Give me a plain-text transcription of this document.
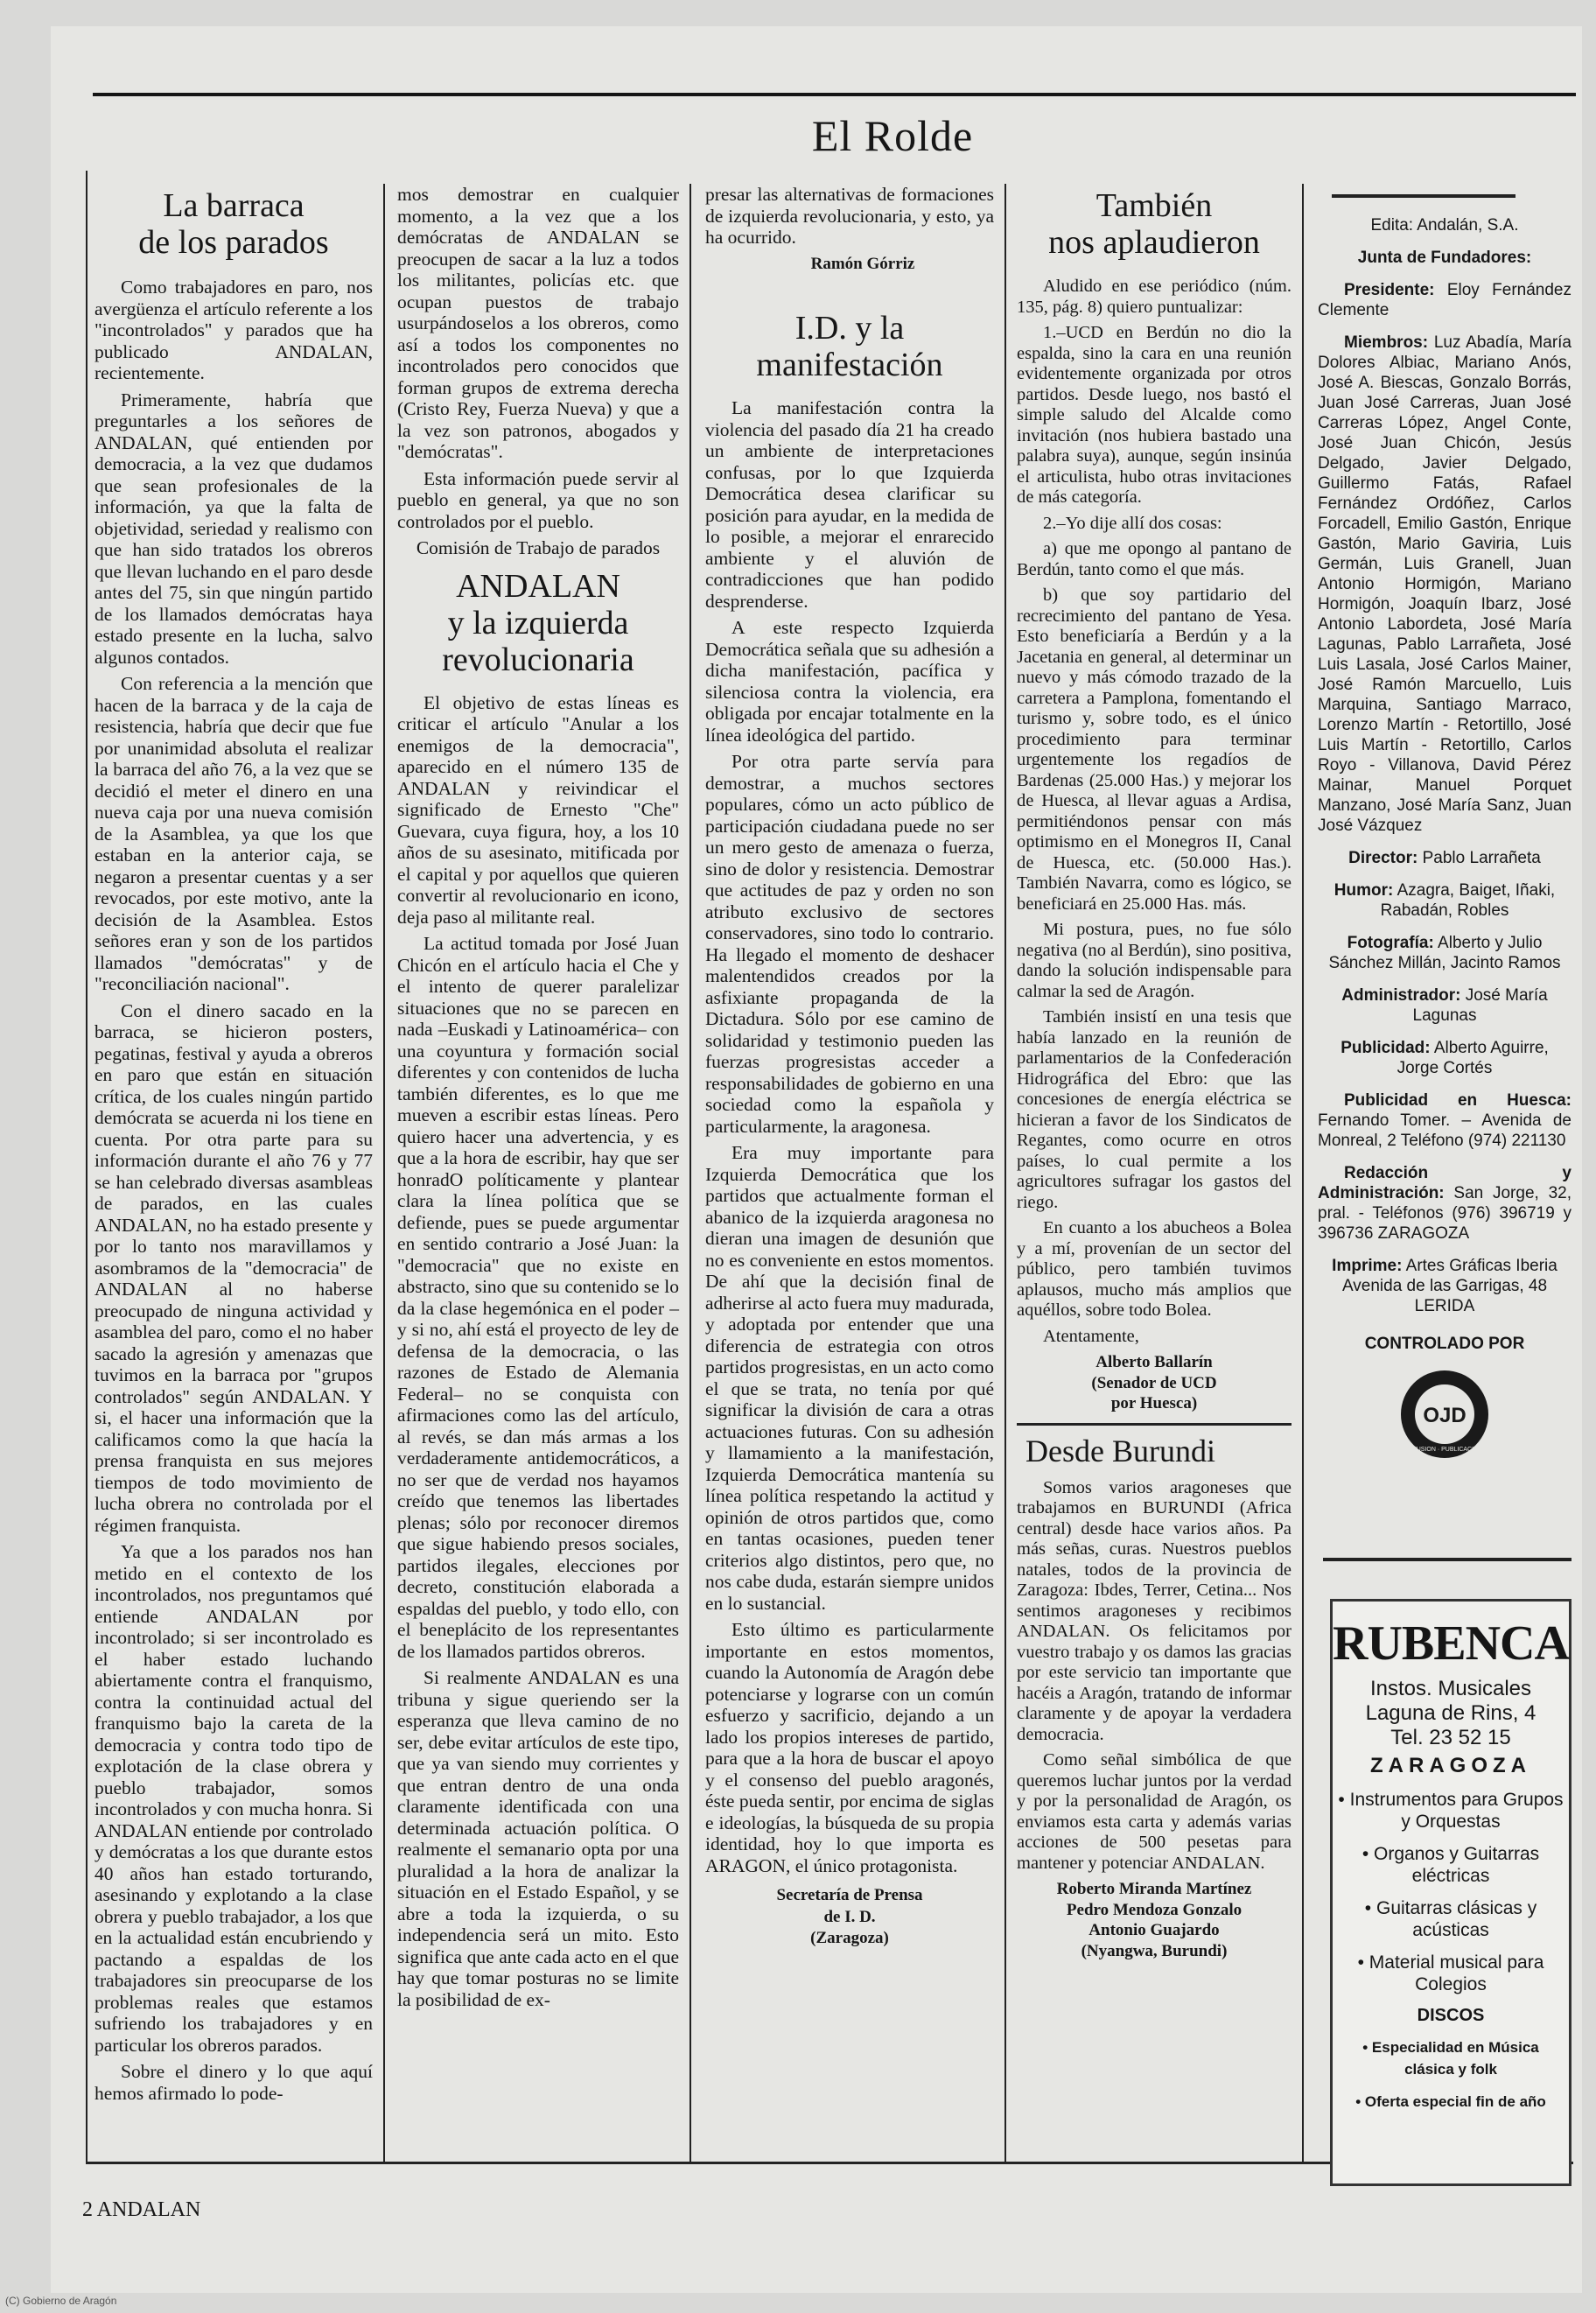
El Rolde
La barraca
de los parados

Como trabajadores en paro, nos avergüenza el artículo referente a los "incontrolados" y parados que ha publicado ANDALAN, recientemente.

Primeramente, habría que preguntarles a los señores de ANDALAN, qué entienden por democracia, a la vez que dudamos que sean profesionales de la información, ya que la falta de objetividad, seriedad y realismo con que han sido tratados los obreros que llevan luchando en el paro desde antes del 75, sin que ningún partido de los llamados demócratas haya estado presente en la lucha, salvo algunos contados.

Con referencia a la mención que hacen de la barraca y de la caja de resistencia, habría que decir que fue por unanimidad absoluta el realizar la barraca del año 76, a la vez que se decidió el meter el dinero en una nueva caja por una nueva comisión de la Asamblea, ya que los que estaban en la anterior caja, se negaron a presentar cuentas y a ser revocados, por este motivo, ante la decisión de la Asamblea. Estos señores eran y son de los partidos llamados "demócratas" y de "reconciliación nacional".

Con el dinero sacado en la barraca, se hicieron posters, pegatinas, festival y ayuda a obreros en paro que están en situación crítica, de los cuales ningún partido demócrata se acuerda ni los tiene en cuenta. Por otra parte para su información durante el año 76 y 77 se han celebrado diversas asambleas de parados, en las cuales ANDALAN, no ha estado presente y por lo tanto nos maravillamos y asombramos de la "democracia" de ANDALAN al no haberse preocupado de ninguna actividad y asamblea del paro, como el no haber sacado la agresión y amenazas que tuvimos en la barraca por "grupos controlados" según ANDALAN. Y si, el hacer una información que la calificamos como la que hacía la prensa franquista en sus mejores tiempos de todo movimiento de lucha obrera no controlada por el régimen franquista.

Ya que a los parados nos han metido en el contexto de los incontrolados, nos preguntamos qué entiende ANDALAN por incontrolado; si ser incontrolado es el haber estado luchando abiertamente contra el franquismo, contra la continuidad actual del franquismo bajo la careta de la democracia y contra todo tipo de explotación de la clase obrera y pueblo trabajador, somos incontrolados y con mucha honra. Si ANDALAN entiende por controlado y demócratas a los que durante estos 40 años han estado torturando, asesinando y explotando a la clase obrera y pueblo trabajador, a los que en la actualidad están encubriendo y pactando a espaldas de los trabajadores sin preocuparse de los problemas reales que estamos sufriendo los trabajadores y en particular los obreros parados.

Sobre el dinero y lo que aquí hemos afirmado lo pode-

mos demostrar en cualquier momento, a la vez que a los demócratas de ANDALAN se preocupen de sacar a la luz a todos los militantes, policías etc. que ocupan puestos de trabajo usurpándoselos a los obreros, como así a todos los componentes no incontrolados pero conocidos que forman grupos de extrema derecha (Cristo Rey, Fuerza Nueva) y que a la vez son patronos, abogados y "demócratas".

Esta información puede servir al pueblo en general, ya que no son controlados por el pueblo.

Comisión de Trabajo de parados

ANDALAN
y la izquierda
revolucionaria

El objetivo de estas líneas es criticar el artículo "Anular a los enemigos de la democracia", aparecido en el número 135 de ANDALAN y reivindicar el significado de Ernesto "Che" Guevara, cuya figura, hoy, a los 10 años de su asesinato, mitificada por el capital y por aquellos que quieren convertir al revolucionario en icono, deja paso al militante real.

La actitud tomada por José Juan Chicón en el artículo hacia el Che y el intento de querer paralelizar situaciones que no se parecen en nada –Euskadi y Latinoamérica– con una coyuntura y formación social diferentes y con contenidos de lucha también diferentes, es lo que me mueven a escribir estas líneas. Pero quiero hacer una advertencia, y es que a la hora de escribir, hay que ser honradO políticamente y plantear clara la línea política que se defiende, pues se puede argumentar en sentido contrario a José Juan: la "democracia" que no existe en abstracto, sino que su contenido se lo da la clase hegemónica en el poder –y si no, ahí está el proyecto de ley de defensa de la democracia, o las razones de Estado de Alemania Federal– no se conquista con afirmaciones como las del artículo, al revés, se dan más armas a los verdaderamente antidemocráticos, a no ser que de verdad nos hayamos creído que tenemos las libertades plenas; sólo por reconocer diremos que sigue habiendo presos sociales, partidos ilegales, elecciones por decreto, constitución elaborada a espaldas del pueblo, y todo ello, con el beneplácito de los representantes de los llamados partidos obreros.

Si realmente ANDALAN es una tribuna y sigue queriendo ser la esperanza que lleva camino de no ser, debe evitar artículos de este tipo, que ya van siendo muy corrientes y que entran dentro de una onda claramente identificada con una determinada actuación política. O realmente el semanario opta por una pluralidad a la hora de analizar la situación en el Estado Español, y se abre a toda la izquierda, o su independencia será un mito. Esto significa que ante cada acto en el que hay que tomar posturas no se limite la posibilidad de ex-

presar las alternativas de formaciones de izquierda revolucionaria, y esto, ya ha ocurrido.

Ramón Górriz

I.D. y la
manifestación

La manifestación contra la violencia del pasado día 21 ha creado un ambiente de interpretaciones confusas, por lo que Izquierda Democrática desea clarificar su posición para ayudar, en la medida de lo posible, a mejorar el enrarecido ambiente y el aluvión de contradicciones que han podido desprenderse.

A este respecto Izquierda Democrática señala que su adhesión a dicha manifestación, pacífica y silenciosa contra la violencia, era obligada por encajar totalmente en la línea ideológica del partido.

Por otra parte servía para demostrar, a muchos sectores populares, cómo un acto público de participación ciudadana puede no ser un mero gesto de amenaza o fuerza, sino de dolor y resistencia. Demostrar que actitudes de paz y orden no son atributo exclusivo de sectores conservadores, sino todo lo contrario. Ha llegado el momento de deshacer malentendidos creados por la asfixiante propaganda de la Dictadura. Sólo por ese camino de solidaridad y testimonio pueden las fuerzas progresistas acceder a responsabilidades de gobierno en una sociedad como la española y particularmente, la aragonesa.

Era muy importante para Izquierda Democrática que los partidos que actualmente forman el abanico de la izquierda aragonesa no dieran una imagen de desunión que no es conveniente en estos momentos. De ahí que la decisión final de adherirse al acto fuera muy madurada, y adoptada por entender que una diferencia de estrategia con otros partidos progresistas, en un acto como el que se trata, no tenía por qué significar la división de cara a otras actuaciones futuras. Con su adhesión y llamamiento a la manifestación, Izquierda Democrática mantenía su línea política respetando la actitud y opinión de otros partidos que, como en tantas ocasiones, pueden tener criterios algo distintos, pero que, no nos cabe duda, estarán siempre unidos en lo sustancial.

Esto último es particularmente importante en estos momentos, cuando la Autonomía de Aragón debe potenciarse y lograrse con un común esfuerzo y sacrificio, dejando a un lado los propios intereses de partido, para que a la hora de buscar el apoyo y el consenso del pueblo aragonés, éste pueda sentir, por encima de siglas e ideologías, la búsqueda de su propia identidad, hoy lo que importa es ARAGON, el único protagonista.

Secretaría de Prensa
de I. D.
(Zaragoza)
También
nos aplaudieron

Aludido en ese periódico (núm. 135, pág. 8) quiero puntualizar:

1.–UCD en Berdún no dio la espalda, sino la cara en una reunión evidentemente organizada por otros partidos. Desde luego, nos bastó el simple saludo del Alcalde como invitación (nos hubiera bastado una palabra suya), aunque, según insinúa el articulista, hubo otras invitaciones de más categoría.

2.–Yo dije allí dos cosas:

a) que me opongo al pantano de Berdún, tanto como el que más.

b) que soy partidario del recrecimiento del pantano de Yesa. Esto beneficiaría a Berdún y a la Jacetania en general, al determinar un nuevo y más cómodo trazado de la carretera a Pamplona, fomentando el turismo y, sobre todo, es el único procedimiento para terminar urgentemente los regadíos de Bardenas (25.000 Has.) y mejorar los de Huesca, al llevar aguas a Ardisa, permitiéndonos pensar con más optimismo en el Monegros II, Canal de Huesca, etc. (50.000 Has.). También Navarra, como es lógico, se beneficiará en 25.000 Has. más.

Mi postura, pues, no fue sólo negativa (no al Berdún), sino positiva, dando la solución indispensable para calmar la sed de Aragón.

También insistí en una tesis que había lanzado en la reunión de parlamentarios de la Confederación Hidrográfica del Ebro: que las concesiones de energía eléctrica se hicieran a favor de los Sindicatos de Regantes, como ocurre en otros países, lo cual permite a los agricultores sufragar los gastos del riego.

En cuanto a los abucheos a Bolea y a mí, provenían de un sector del público, pero también tuvimos aplausos, mucho más amplios que aquéllos, sobre todo Bolea.

Atentamente,

Alberto Ballarín
(Senador de UCD
por Huesca)
Desde Burundi

Somos varios aragoneses que trabajamos en BURUNDI (Africa central) desde hace varios años. Pa más señas, curas. Nuestros pueblos natales, todos de la provincia de Zaragoza: Ibdes, Terrer, Cetina... Nos sentimos aragoneses y recibimos ANDALAN. Os felicitamos por vuestro trabajo y os damos las gracias por este servicio tan importante que hacéis a Aragón, tratando de informar claramente y de apoyar la verdadera democracia.

Como señal simbólica de que queremos luchar juntos por la verdad y por la personalidad de Aragón, os enviamos esta carta y además varias acciones de 500 pesetas para mantener y potenciar ANDALAN.

Roberto Miranda Martínez
Pedro Mendoza Gonzalo
Antonio Guajardo
(Nyangwa, Burundi)

Edita: Andalán, S.A.

Junta de Fundadores:

Presidente: Eloy Fernández Clemente

Miembros: Luz Abadía, María Dolores Albiac, Mariano Anós, José A. Biescas, Gonzalo Borrás, Juan José Carreras, Juan José Carreras López, Angel Conte, José Juan Chicón, Jesús Delgado, Javier Delgado, Guillermo Fatás, Rafael Fernández Ordóñez, Carlos Forcadell, Emilio Gastón, Enrique Gastón, Mario Gaviria, Luis Germán, Luis Granell, Juan Antonio Hormigón, Mariano Hormigón, Joaquín Ibarz, José Antonio Labordeta, José María Lagunas, Pablo Larrañeta, José Luis Lasala, José Carlos Mainer, José Ramón Marcuello, Luis Marquina, Santiago Marraco, Lorenzo Martín - Retortillo, José Luis Martín - Retortillo, Carlos Royo - Villanova, David Pérez Mainar, Manuel Porquet Manzano, José María Sanz, Juan José Vázquez

Director: Pablo Larrañeta

Humor: Azagra, Baiget, Iñaki, Rabadán, Robles

Fotografía: Alberto y Julio Sánchez Millán, Jacinto Ramos

Administrador: José María Lagunas

Publicidad: Alberto Aguirre, Jorge Cortés

Publicidad en Huesca: Fernando Tomer. – Avenida de Monreal, 2 Teléfono (974) 221130

Redacción y Administración: San Jorge, 32, pral. - Teléfonos (976) 396719 y 396736 ZARAGOZA

Imprime: Artes Gráficas Iberia Avenida de las Garrigas, 48 LERIDA

CONTROLADO POR

OJD
DIFUSION · PUBLICACION
RUBENCA
Instos. Musicales
Laguna de Rins, 4
Tel. 23 52 15
ZARAGOZA
• Instrumentos para Grupos y Orquestas
• Organos y Guitarras eléctricas
• Guitarras clásicas y acústicas
• Material musical para Colegios
DISCOS
• Especialidad en Música clásica y folk
• Oferta especial fin de año
2 ANDALAN
(C) Gobierno de Aragón
